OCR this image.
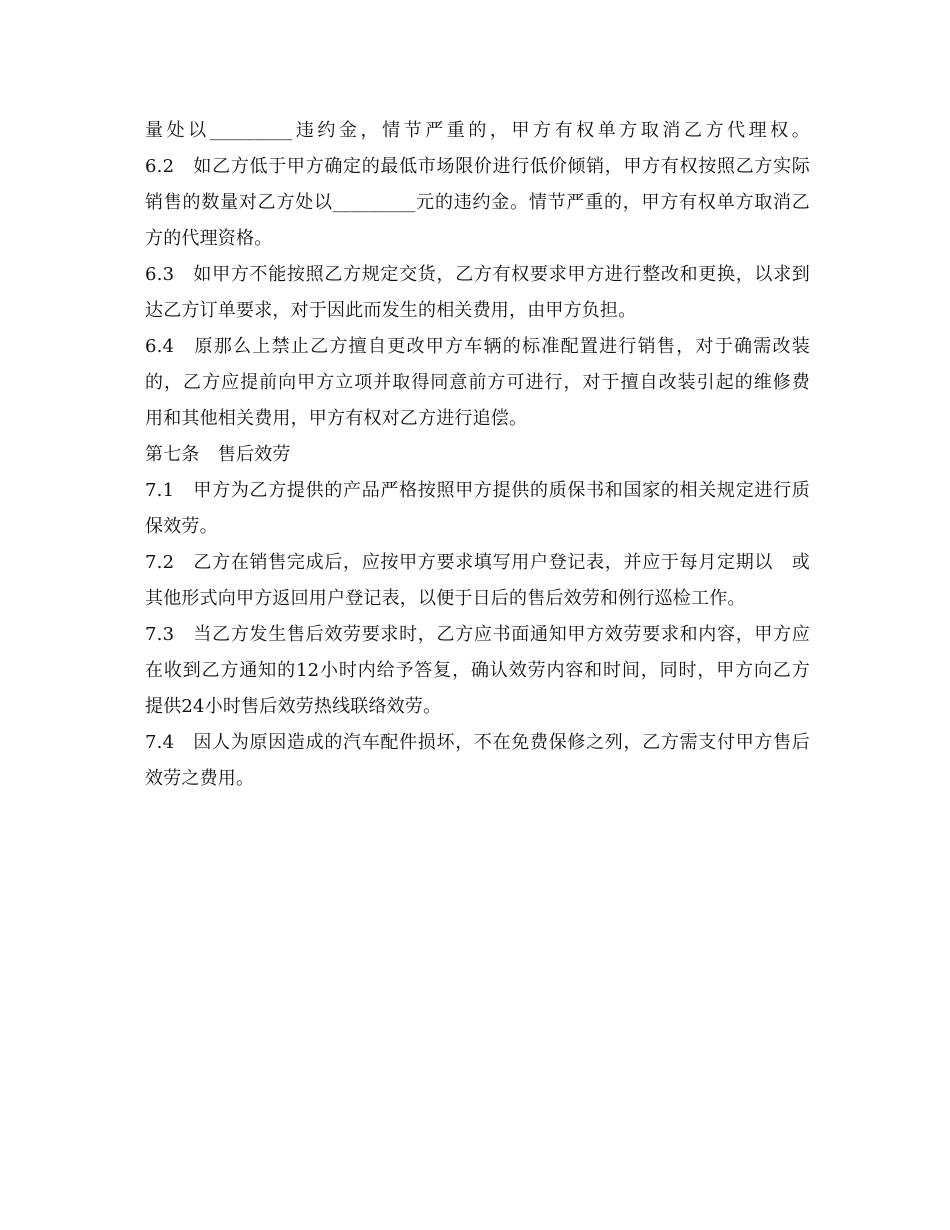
量处以_________违约金，情节严重的，甲方有权单方取消乙方代理权。
6.2　如乙方低于甲方确定的最低市场限价进行低价倾销，甲方有权按照乙方实际
销售的数量对乙方处以_________元的违约金。情节严重的，甲方有权单方取消乙
方的代理资格。
6.3　如甲方不能按照乙方规定交货，乙方有权要求甲方进行整改和更换，以求到
达乙方订单要求，对于因此而发生的相关费用，由甲方负担。
6.4　原那么上禁止乙方擅自更改甲方车辆的标准配置进行销售，对于确需改装
的，乙方应提前向甲方立项并取得同意前方可进行，对于擅自改装引起的维修费
用和其他相关费用，甲方有权对乙方进行追偿。
第七条　售后效劳
7.1　甲方为乙方提供的产品严格按照甲方提供的质保书和国家的相关规定进行质
保效劳。
7.2　乙方在销售完成后，应按甲方要求填写用户登记表，并应于每月定期以　或
其他形式向甲方返回用户登记表，以便于日后的售后效劳和例行巡检工作。
7.3　当乙方发生售后效劳要求时，乙方应书面通知甲方效劳要求和内容，甲方应
在收到乙方通知的12小时内给予答复，确认效劳内容和时间，同时，甲方向乙方
提供24小时售后效劳热线联络效劳。
7.4　因人为原因造成的汽车配件损坏，不在免费保修之列，乙方需支付甲方售后
效劳之费用。
